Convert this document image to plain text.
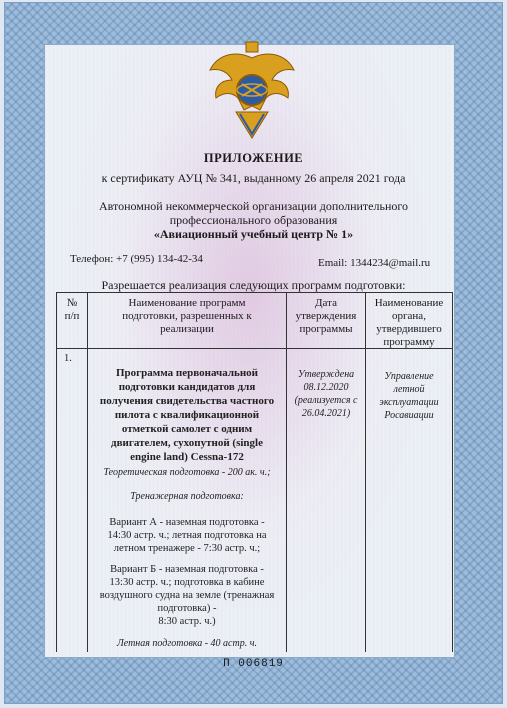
ПРИЛОЖЕНИЕ
к сертификату АУЦ № 341, выданному 26 апреля 2021 года
Автономной некоммерческой организации дополнительного
профессионального образования
«Авиационный учебный центр № 1»
Телефон: +7 (995) 134-42-34	Email: 1344234@mail.ru
Разрешается реализация следующих программ подготовки:
№
п/п
Наименование программ
подготовки, разрешенных к
реализации
Дата
утверждения
программы
Наименование
органа,
утвердившего
программу
1.
Программа первоначальной
подготовки кандидатов для
получения свидетельства частного
пилота с квалификационной
отметкой самолет с одним
двигателем, сухопутной (single
engine land) Cessna-172
Теоретическая подготовка - 200 ак. ч.;
Тренажерная подготовка:
Вариант А - наземная подготовка -
14:30 астр. ч.; летная подготовка на
летном тренажере - 7:30 астр. ч.;
Вариант Б - наземная подготовка -
13:30 астр. ч.; подготовка в кабине
воздушного судна на земле (тренажная
подготовка) -
8:30 астр. ч.)
Летная подготовка - 40 астр. ч.
Утверждена
08.12.2020
(реализуется с
26.04.2021)
Управление
летной
эксплуатации
Росавиации
П 006819
